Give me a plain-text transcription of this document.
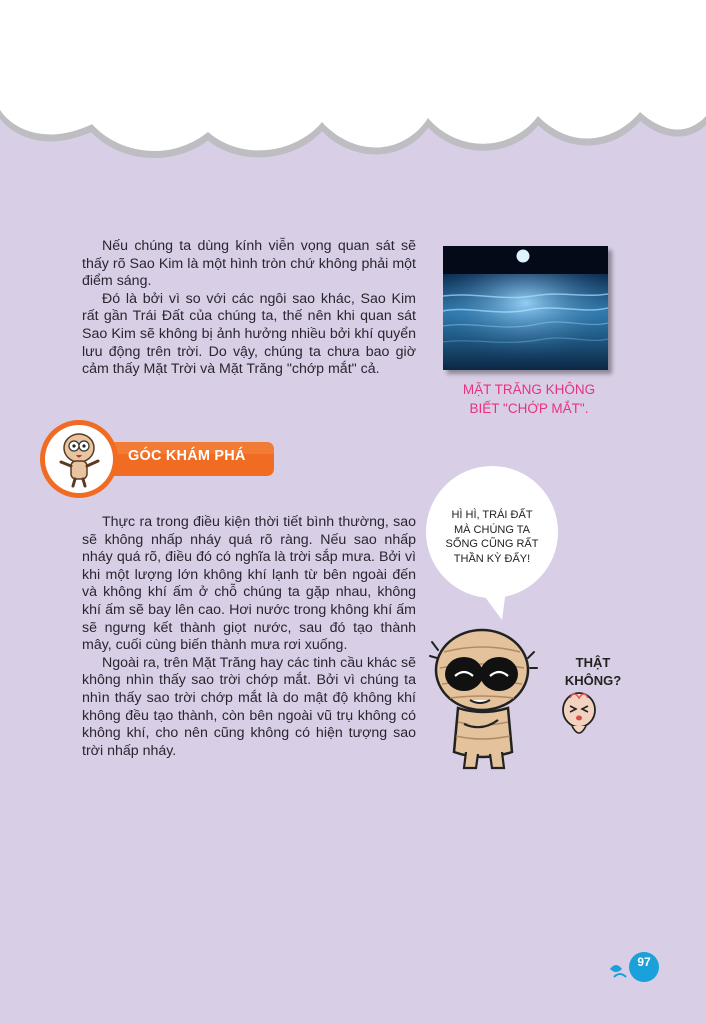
Nếu chúng ta dùng kính viễn vọng quan sát sẽ thấy rõ Sao Kim là một hình tròn chứ không phải một điểm sáng.

Đó là bởi vì so với các ngôi sao khác, Sao Kim rất gần Trái Đất của chúng ta, thế nên khi quan sát Sao Kim sẽ không bị ảnh hưởng nhiều bởi khí quyển lưu động trên trời. Do vậy, chúng ta chưa bao giờ cảm thấy Mặt Trời và Mặt Trăng "chớp mắt" cả.

MẶT TRĂNG KHÔNG
BIẾT "CHỚP MẮT".
GÓC KHÁM PHÁ

Thực ra trong điều kiện thời tiết bình thường, sao sẽ không nhấp nháy quá rõ ràng. Nếu sao nhấp nháy quá rõ, điều đó có nghĩa là trời sắp mưa. Bởi vì khi một lượng lớn không khí lạnh từ bên ngoài đến và không khí ấm ở chỗ chúng ta gặp nhau, không khí ấm sẽ bay lên cao. Hơi nước trong không khí ấm sẽ ngưng kết thành giọt nước, sau đó tạo thành mây, cuối cùng biến thành mưa rơi xuống.

Ngoài ra, trên Mặt Trăng hay các tinh cầu khác sẽ không nhìn thấy sao trời chớp mắt. Bởi vì chúng ta nhìn thấy sao trời chớp mắt là do mật độ không khí không đều tạo thành, còn bên ngoài vũ trụ không có không khí, cho nên cũng không có hiện tượng sao trời nhấp nháy.

HÌ HÌ, TRÁI ĐẤT
MÀ CHÚNG TA
SỐNG CŨNG RẤT
THẦN KỲ ĐẤY!
THẬT
KHÔNG?
97
